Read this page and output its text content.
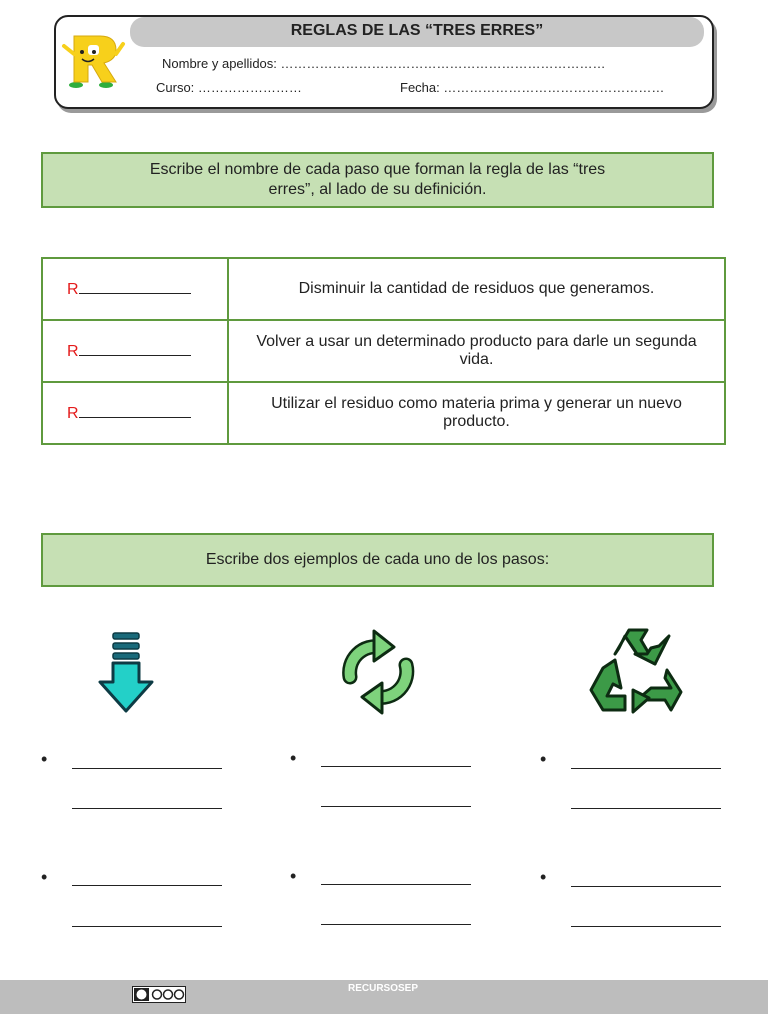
REGLAS DE LAS “TRES ERRES”
Nombre y apellidos: …………………………………………………………………
Curso: ……………………	Fecha: ……………………………………………
Escribe el nombre de cada paso que forman la regla de las “tres erres”, al lado de su definición.
R	Disminuir la cantidad de residuos que generamos.
R	Volver a usar un determinado producto para darle un segunda vida.
R	Utilizar el residuo como materia prima y generar un nuevo producto.
Escribe dos ejemplos de cada uno de los pasos:
•
•
•
•
•
•
RECURSOSEP
